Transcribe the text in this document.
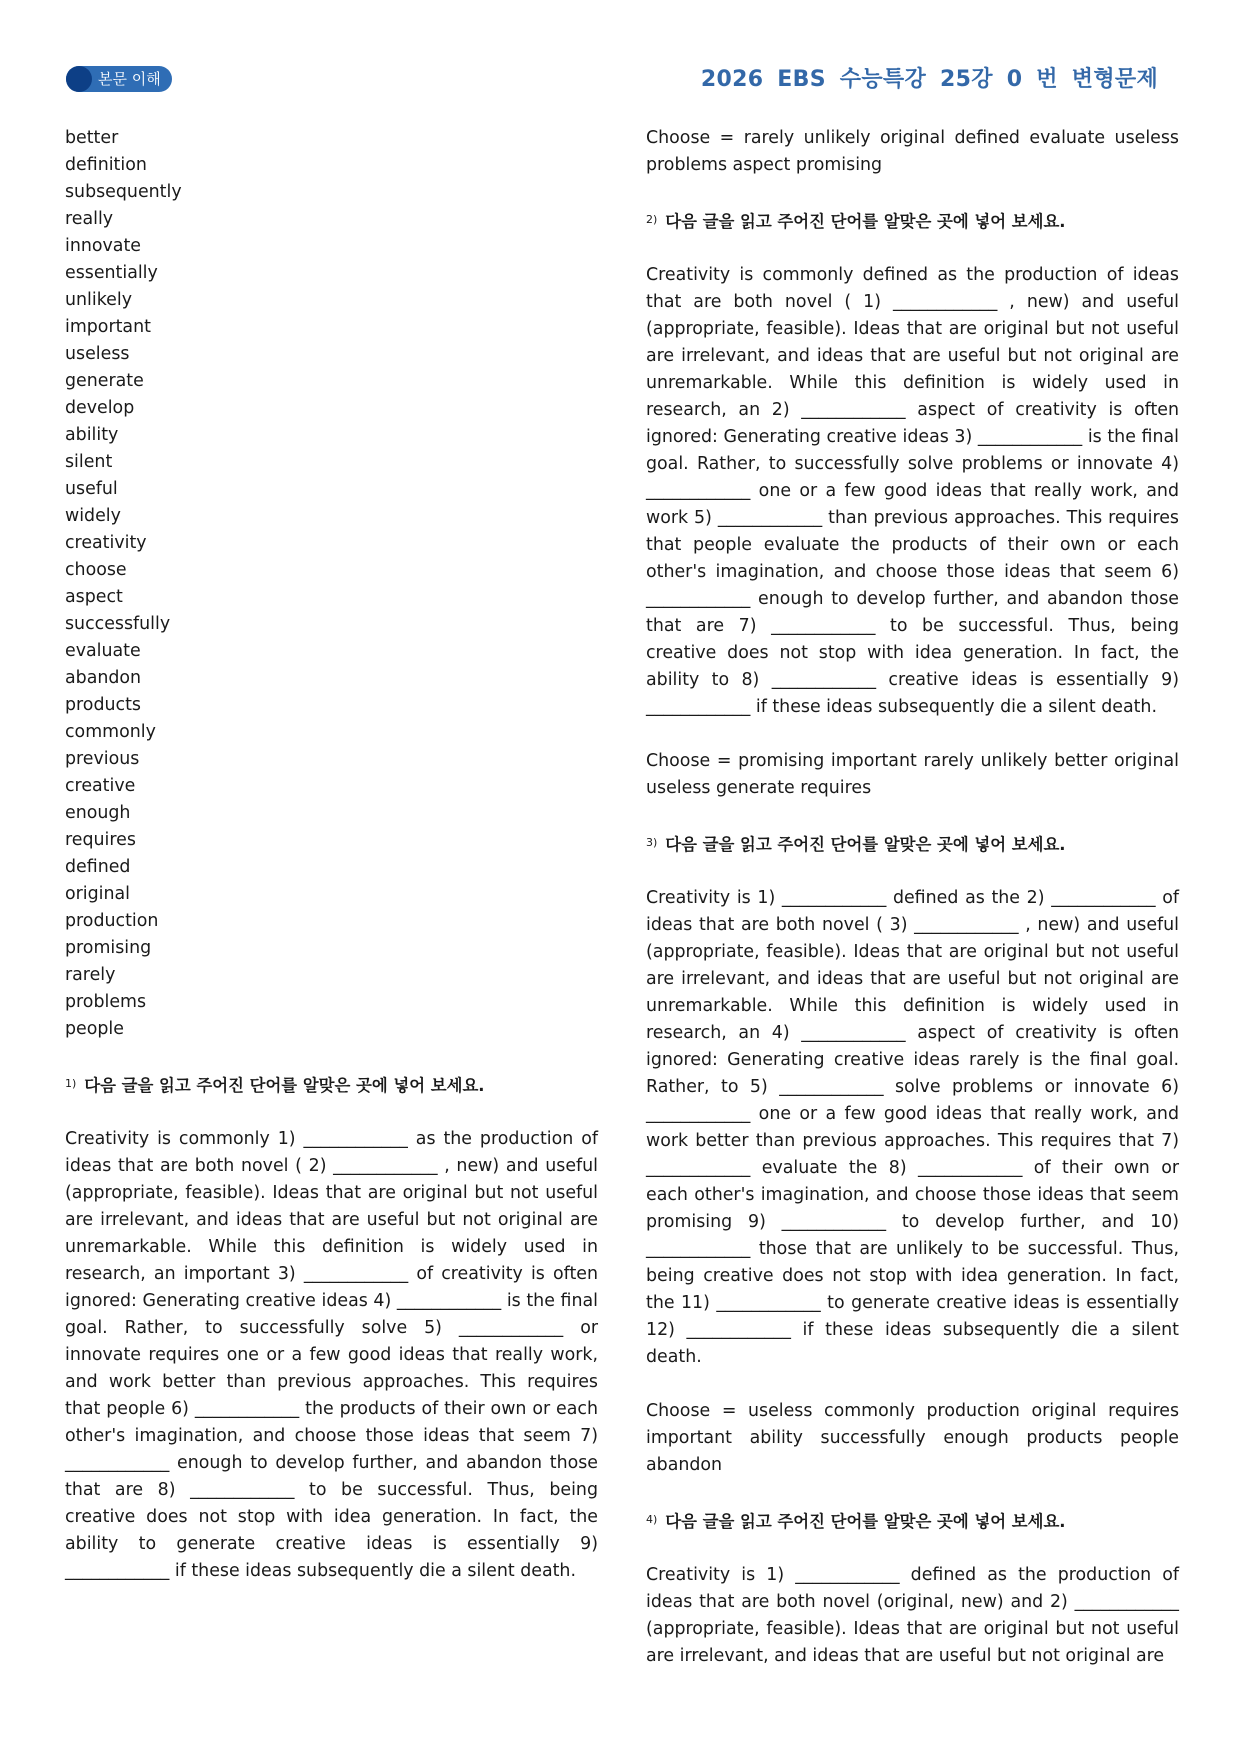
본문 이해	2026 EBS 수능특강 25강 0 번 변형문제
better
definition
subsequently
really
innovate
essentially
unlikely
important
useless
generate
develop
ability
silent
useful
widely
creativity
choose
aspect
successfully
evaluate
abandon
products
commonly
previous
creative
enough
requires
defined
original
production
promising
rarely
problems
people

$^{1)}$ 다음 글을 읽고 주어진 단어를 알맞은 곳에 넣어 보세요.

Creativity is commonly 1) ____________ as the production of ideas that are both novel ( 2) ____________ , new) and useful (appropriate, feasible). Ideas that are original but not useful are irrelevant, and ideas that are useful but not original are unremarkable. While this definition is widely used in research, an important 3) ____________ of creativity is often ignored: Generating creative ideas 4) ____________ is the final goal. Rather, to successfully solve 5) ____________ or innovate requires one or a few good ideas that really work, and work better than previous approaches. This requires that people 6) ____________ the products of their own or each other's imagination, and choose those ideas that seem 7) ____________ enough to develop further, and abandon those that are 8) ____________ to be successful. Thus, being creative does not stop with idea generation. In fact, the ability to generate creative ideas is essentially 9) ____________ if these ideas subsequently die a silent death.

Choose = rarely unlikely original defined evaluate useless problems aspect promising

$^{2)}$ 다음 글을 읽고 주어진 단어를 알맞은 곳에 넣어 보세요.

Creativity is commonly defined as the production of ideas that are both novel ( 1) ____________ , new) and useful (appropriate, feasible). Ideas that are original but not useful are irrelevant, and ideas that are useful but not original are unremarkable. While this definition is widely used in research, an 2) ____________ aspect of creativity is often ignored: Generating creative ideas 3) ____________ is the final goal. Rather, to successfully solve problems or innovate 4) ____________ one or a few good ideas that really work, and work 5) ____________ than previous approaches. This requires that people evaluate the products of their own or each other's imagination, and choose those ideas that seem 6) ____________ enough to develop further, and abandon those that are 7) ____________ to be successful. Thus, being creative does not stop with idea generation. In fact, the ability to 8) ____________ creative ideas is essentially 9) ____________ if these ideas subsequently die a silent death.

Choose = promising important rarely unlikely better original useless generate requires

$^{3)}$ 다음 글을 읽고 주어진 단어를 알맞은 곳에 넣어 보세요.

Creativity is 1) ____________ defined as the 2) ____________ of ideas that are both novel ( 3) ____________ , new) and useful (appropriate, feasible). Ideas that are original but not useful are irrelevant, and ideas that are useful but not original are unremarkable. While this definition is widely used in research, an 4) ____________ aspect of creativity is often ignored: Generating creative ideas rarely is the final goal. Rather, to 5) ____________ solve problems or innovate 6) ____________ one or a few good ideas that really work, and work better than previous approaches. This requires that 7) ____________ evaluate the 8) ____________ of their own or each other's imagination, and choose those ideas that seem promising 9) ____________ to develop further, and 10) ____________ those that are unlikely to be successful. Thus, being creative does not stop with idea generation. In fact, the 11) ____________ to generate creative ideas is essentially 12) ____________ if these ideas subsequently die a silent death.

Choose = useless commonly production original requires important ability successfully enough products people abandon

$^{4)}$ 다음 글을 읽고 주어진 단어를 알맞은 곳에 넣어 보세요.

Creativity is 1) ____________ defined as the production of ideas that are both novel (original, new) and 2) ____________ (appropriate, feasible). Ideas that are original but not useful are irrelevant, and ideas that are useful but not original are
